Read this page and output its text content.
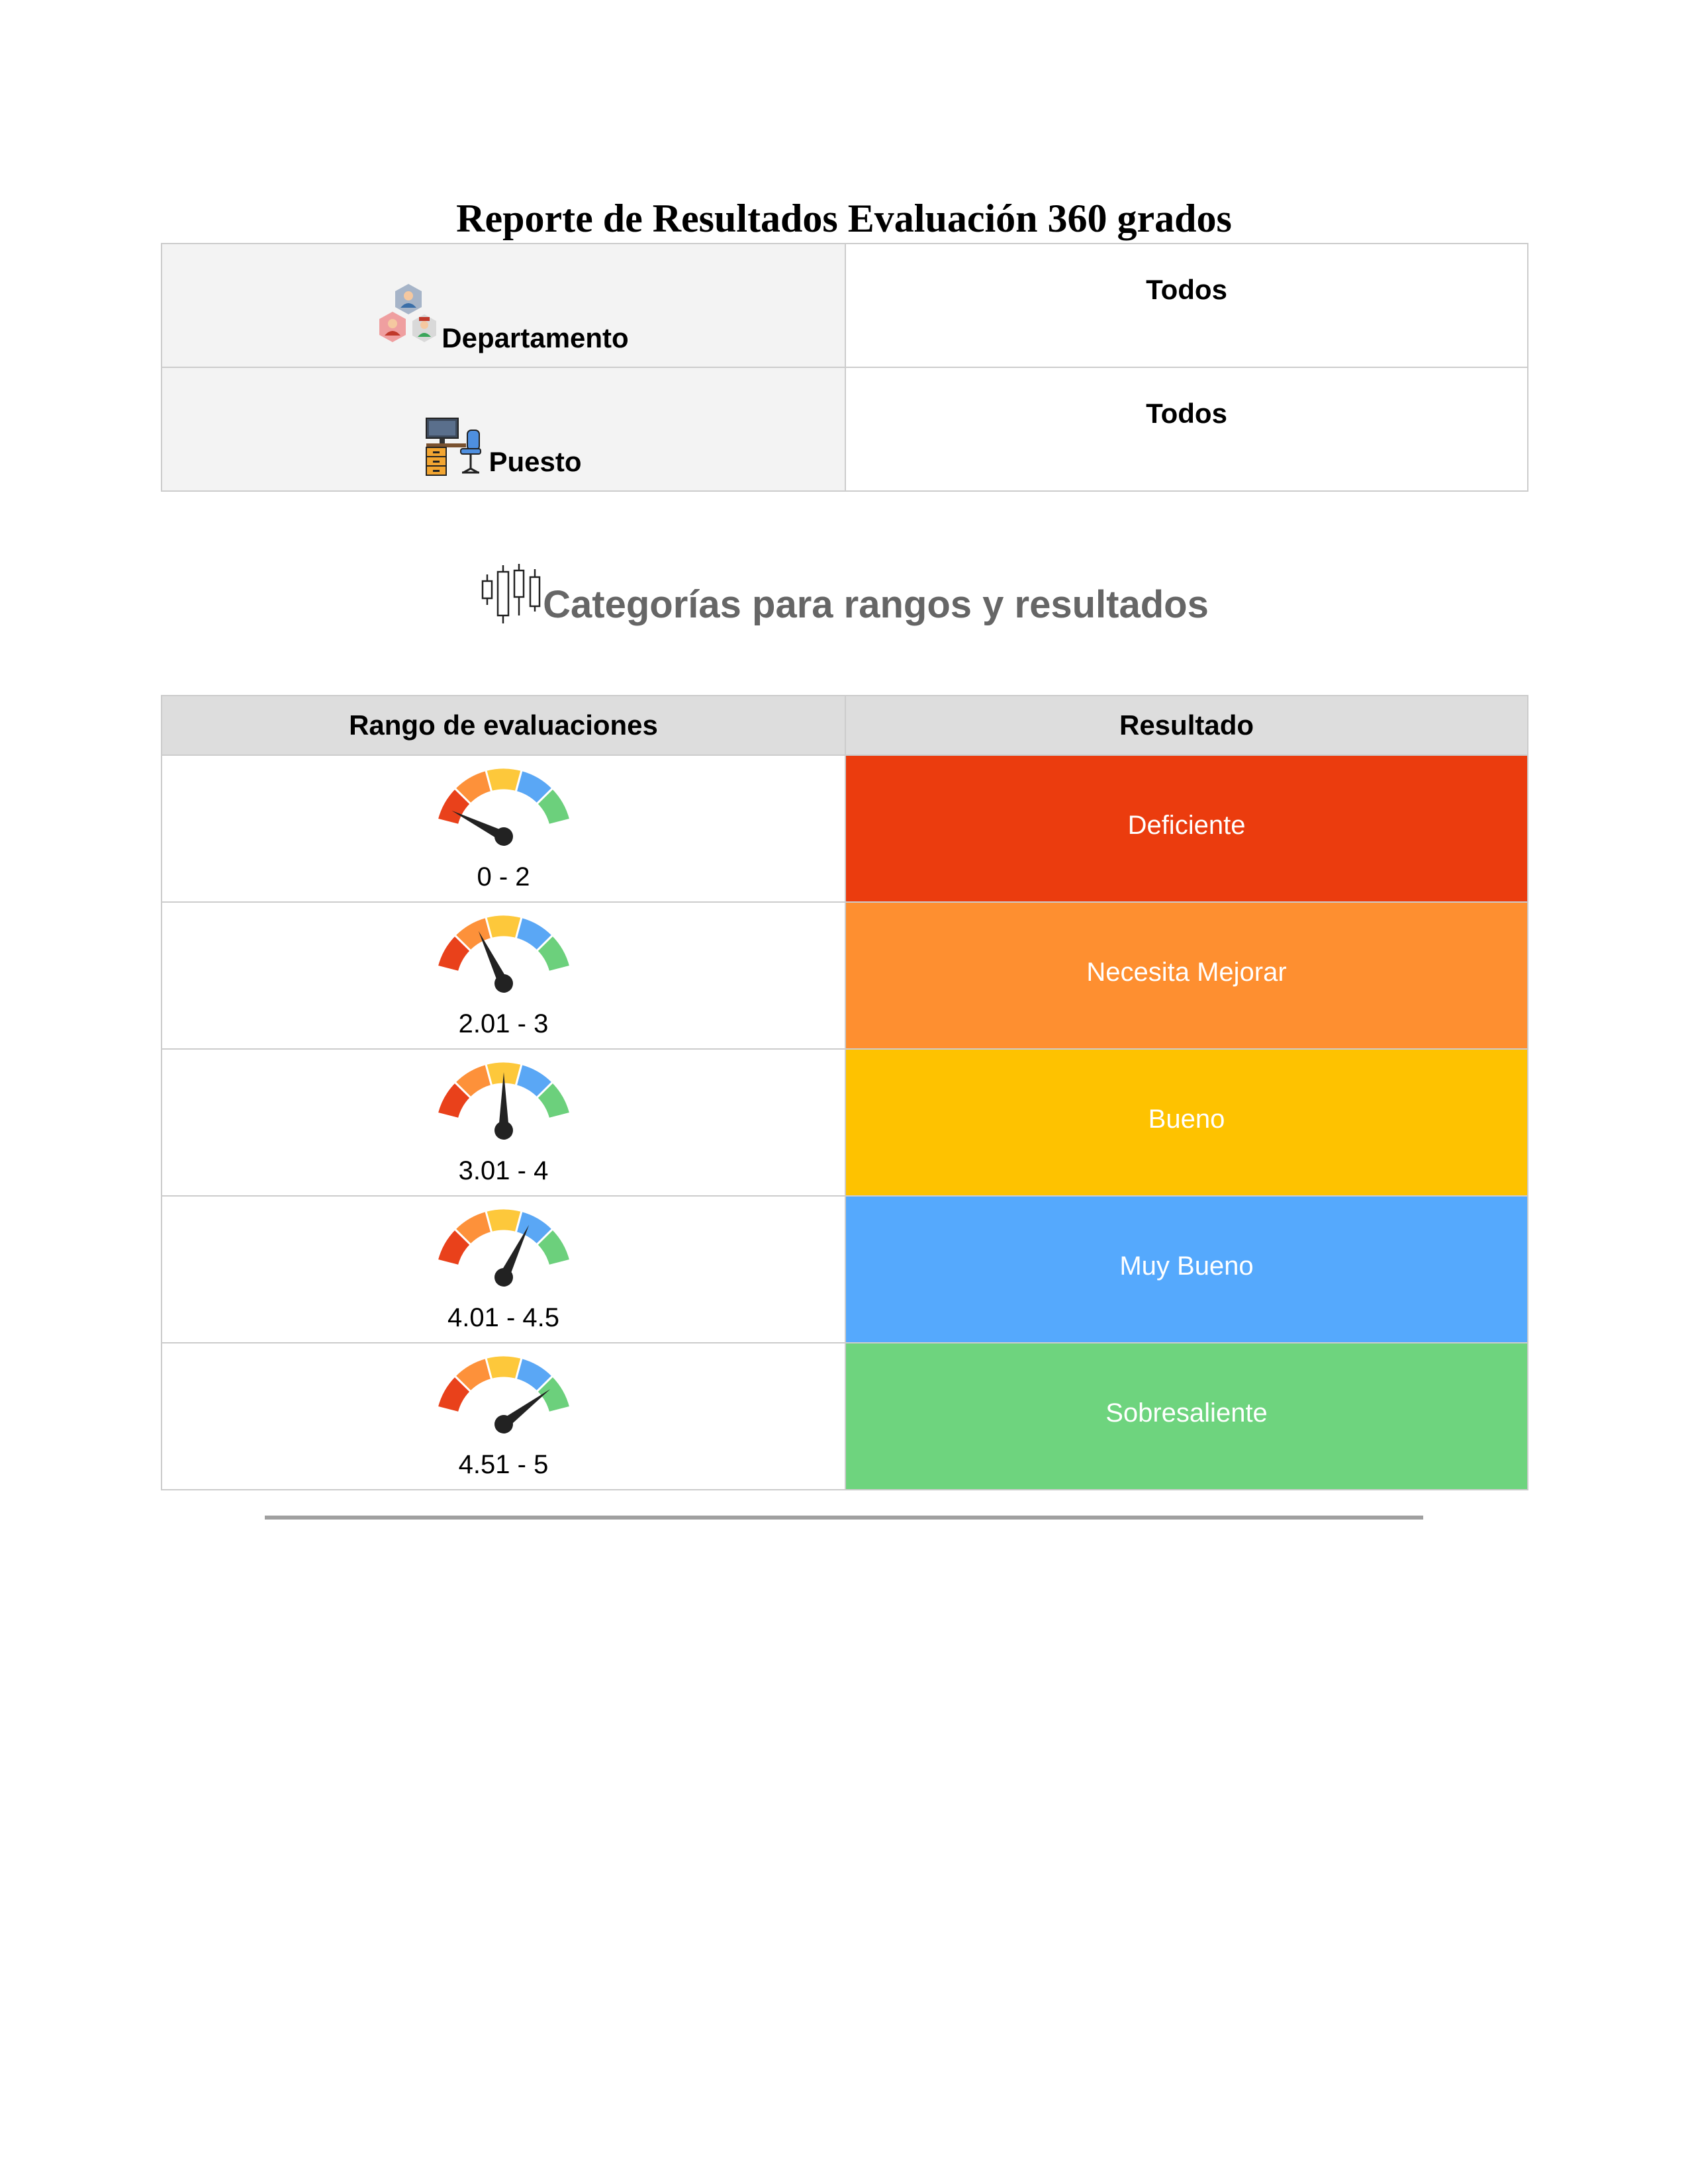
Reporte de Resultados Evaluación 360 grados
Departamento	Todos

Puesto	Todos
Categorías para rangos y resultados
Rango de evaluaciones	Resultado

0 - 2	Deficiente

2.01 - 3	Necesita Mejorar

3.01 - 4	Bueno

4.01 - 4.5	Muy Bueno

4.51 - 5	Sobresaliente
